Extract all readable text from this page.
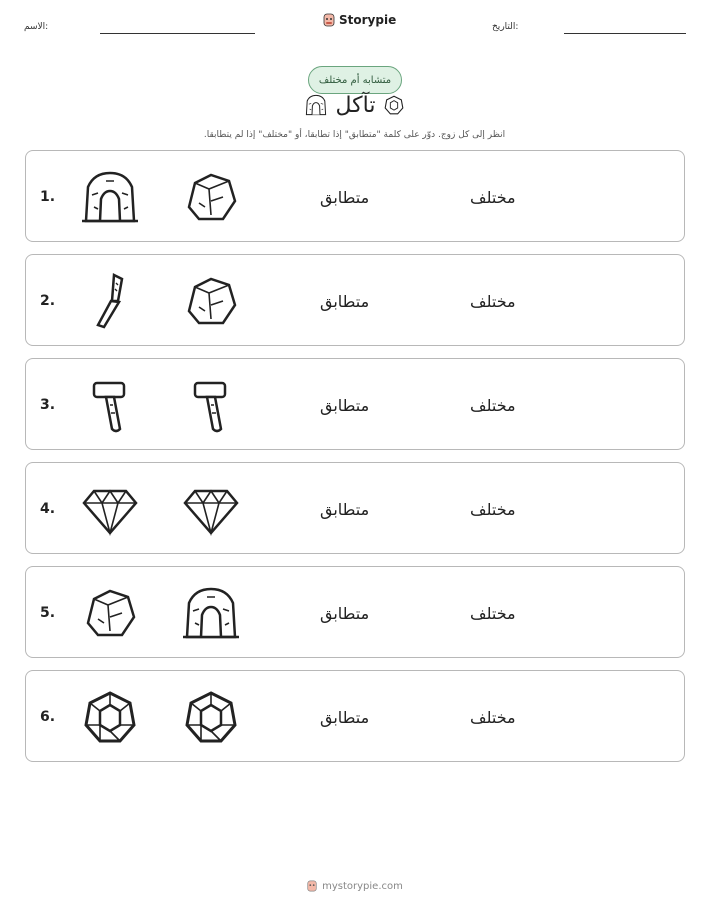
الاسم:	Storypie	التاريخ:
متشابه أم مختلف
تآكل
انظر إلى كل زوج. دوّر على كلمة "متطابق" إذا تطابقا، أو "مختلف" إذا لم يتطابقا.
1.	متطابق	مختلف
2.	متطابق	مختلف
3.	متطابق	مختلف
4.	متطابق	مختلف
5.	متطابق	مختلف
6.	متطابق	مختلف
mystorypie.com
